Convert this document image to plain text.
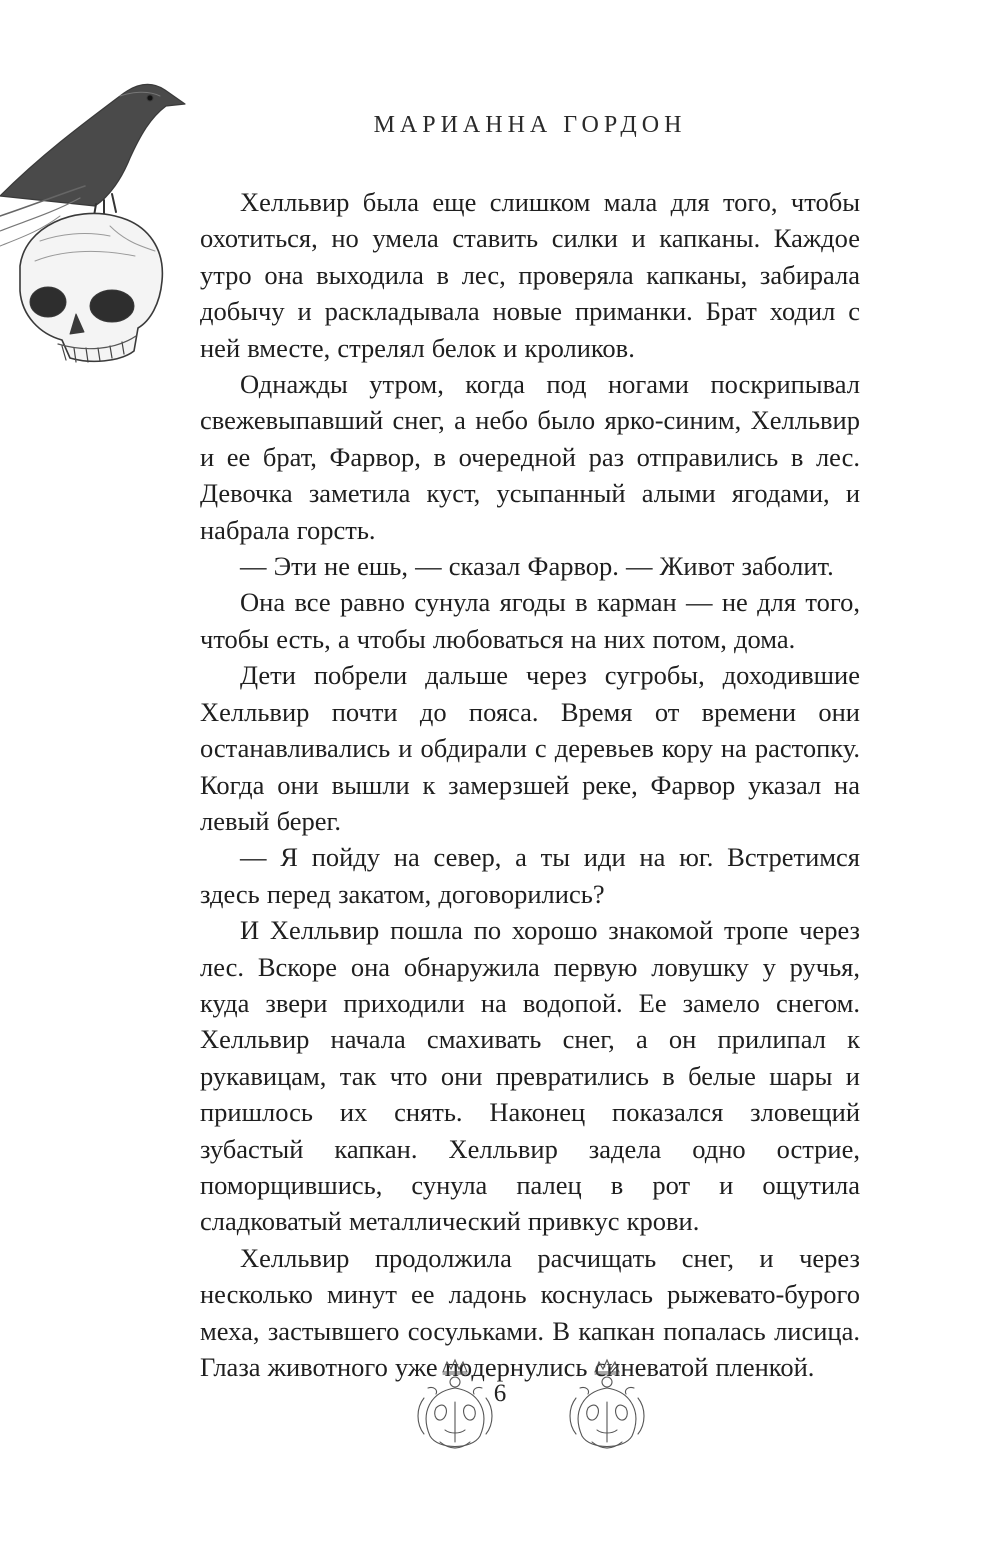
МАРИАННА ГОРДОН

Хелльвир была еще слишком мала для того, чтобы охотиться, но умела ставить силки и капканы. Каждое утро она выходила в лес, проверяла капканы, забирала добычу и раскладывала новые приманки. Брат ходил с ней вместе, стрелял белок и кроликов.

Однажды утром, когда под ногами поскрипывал свежевыпавший снег, а небо было ярко-синим, Хелльвир и ее брат, Фарвор, в очередной раз отправились в лес. Девочка заметила куст, усыпанный алыми ягодами, и набрала горсть.

— Эти не ешь, — сказал Фарвор. — Живот заболит.

Она все равно сунула ягоды в карман — не для того, чтобы есть, а чтобы любоваться на них потом, дома.

Дети побрели дальше через сугробы, доходившие Хелльвир почти до пояса. Время от времени они останавливались и обдирали с деревьев кору на растопку. Когда они вышли к замерзшей реке, Фарвор указал на левый берег.

— Я пойду на север, а ты иди на юг. Встретимся здесь перед закатом, договорились?

И Хелльвир пошла по хорошо знакомой тропе через лес. Вскоре она обнаружила первую ловушку у ручья, куда звери приходили на водопой. Ее замело снегом. Хелльвир начала смахивать снег, а он прилипал к рукавицам, так что они превратились в белые шары и пришлось их снять. Наконец показался зловещий зубастый капкан. Хелльвир задела одно острие, поморщившись, сунула палец в рот и ощутила сладковатый металлический привкус крови.

Хелльвир продолжила расчищать снег, и через несколько минут ее ладонь коснулась рыжевато-бурого меха, застывшего сосульками. В капкан попалась лисица. Глаза животного уже подернулись синеватой пленкой.

6
